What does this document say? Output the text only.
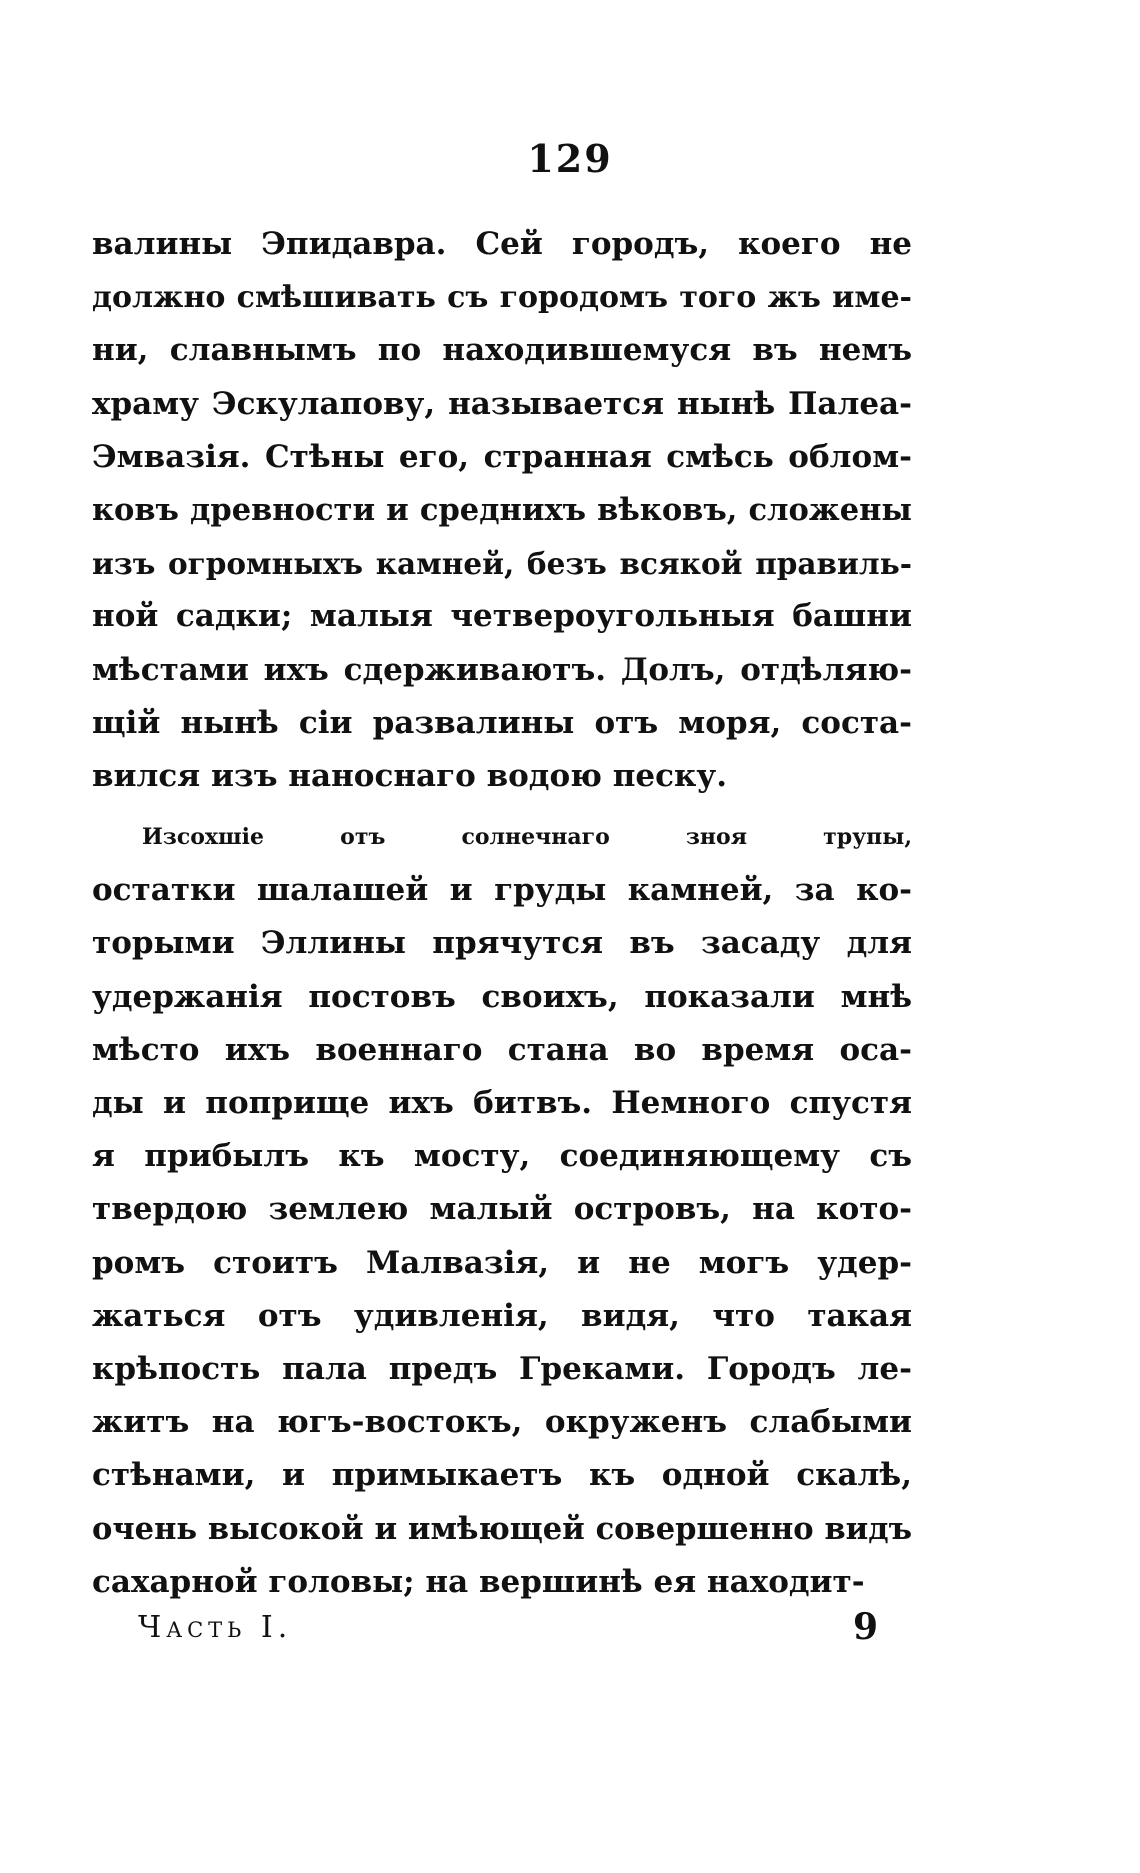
129
валины Эпидавра. Сей городъ, коего не
должно смѣшивать съ городомъ того жъ име-
ни, славнымъ по находившемуся въ немъ
храму Эскулапову, называется нынѣ Палеа-
Эмвазія. Стѣны его, странная смѣсь облом-
ковъ древности и среднихъ вѣковъ, сложены
изъ огромныхъ камней, безъ всякой правиль-
ной садки; малыя четвероугольныя башни
мѣстами ихъ сдерживаютъ. Долъ, отдѣляю-
щій нынѣ сіи развалины отъ моря, соста-
вился изъ наноснаго водою песку.
Изсохшіе отъ солнечнаго зноя трупы,
остатки шалашей и груды камней, за ко-
торыми Эллины прячутся въ засаду для
удержанія постовъ своихъ, показали мнѣ
мѣсто ихъ военнаго стана во время оса-
ды и поприще ихъ битвъ. Немного спустя
я прибылъ къ мосту, соединяющему съ
твердою землею малый островъ, на кото-
ромъ стоитъ Малвазія, и не могъ удер-
жаться отъ удивленія, видя, что такая
крѣпость пала предъ Греками. Городъ ле-
житъ на югъ-востокъ, окруженъ слабыми
стѣнами, и примыкаетъ къ одной скалѣ,
очень высокой и имѣющей совершенно видъ
сахарной головы; на вершинѣ ея находит-
Часть I.	9
